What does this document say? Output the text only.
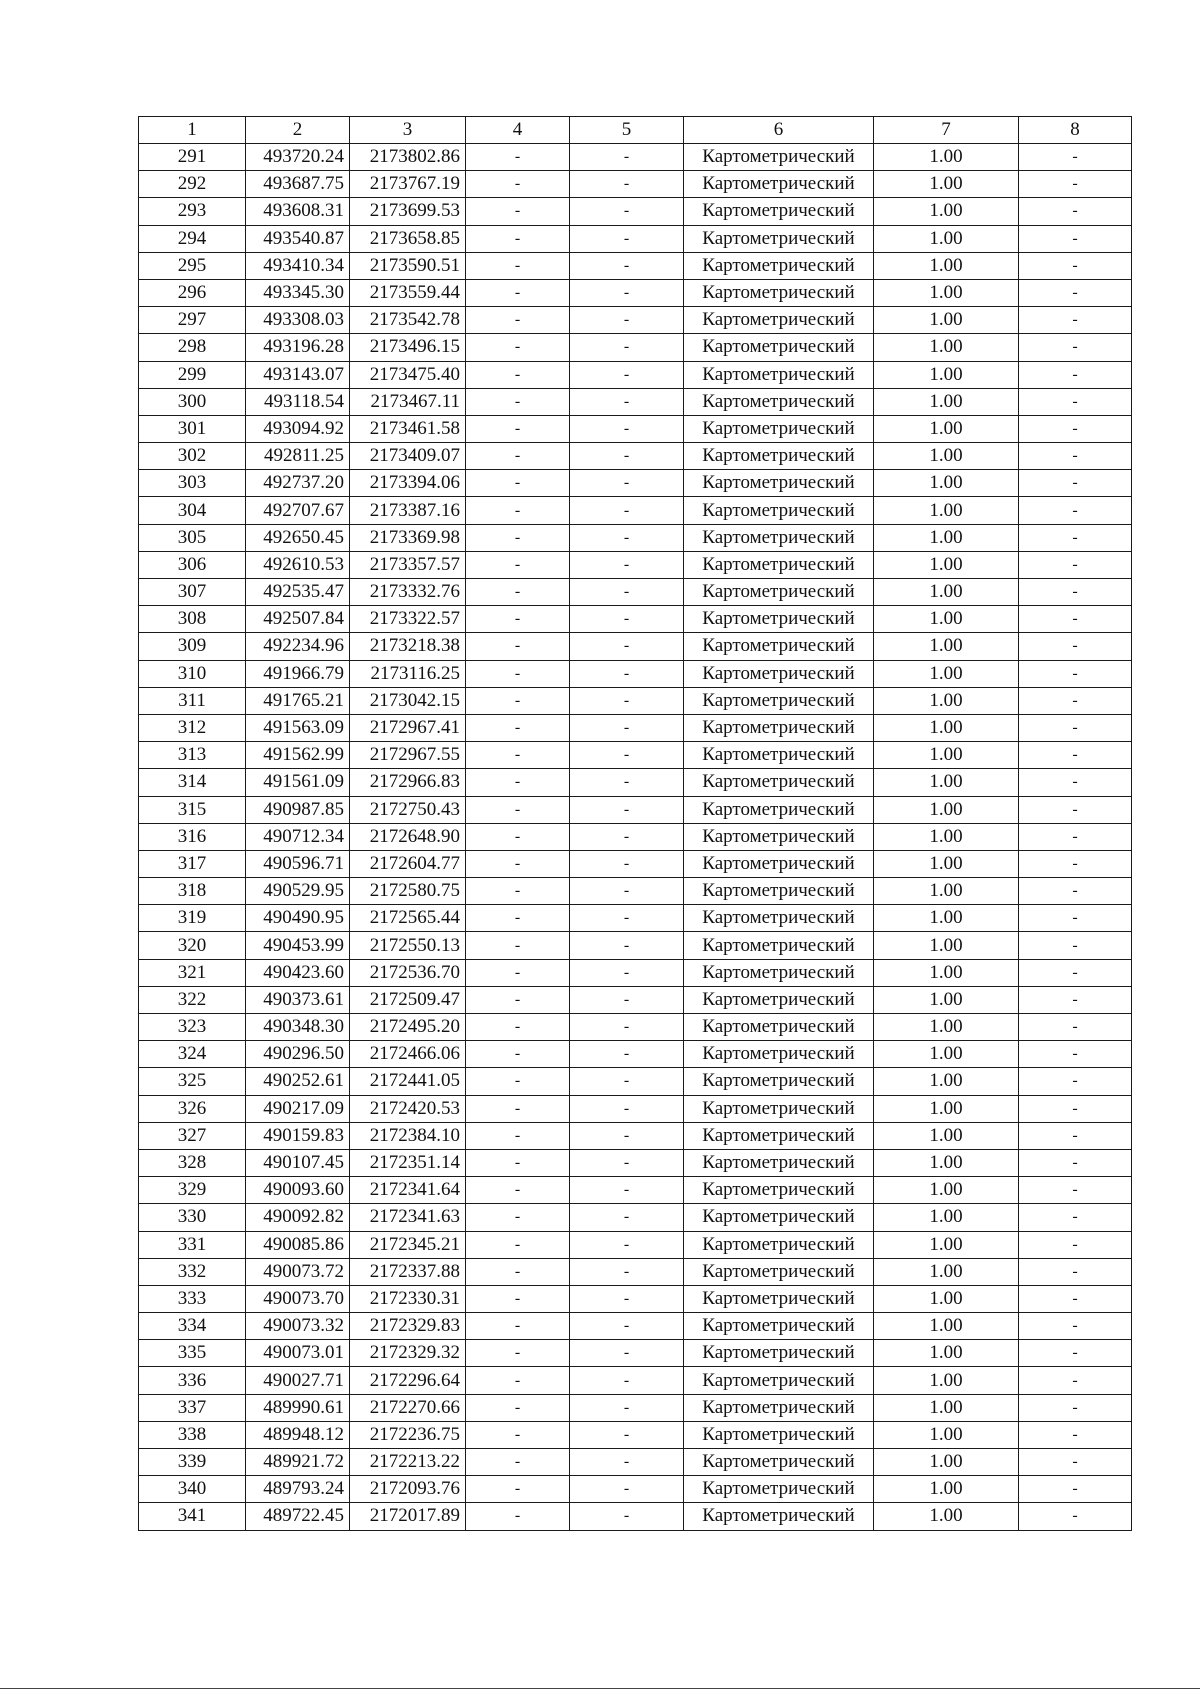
1	2	3	4	5	6	7	8
291	493720.24	2173802.86	-	-	Картометрический	1.00	-
292	493687.75	2173767.19	-	-	Картометрический	1.00	-
293	493608.31	2173699.53	-	-	Картометрический	1.00	-
294	493540.87	2173658.85	-	-	Картометрический	1.00	-
295	493410.34	2173590.51	-	-	Картометрический	1.00	-
296	493345.30	2173559.44	-	-	Картометрический	1.00	-
297	493308.03	2173542.78	-	-	Картометрический	1.00	-
298	493196.28	2173496.15	-	-	Картометрический	1.00	-
299	493143.07	2173475.40	-	-	Картометрический	1.00	-
300	493118.54	2173467.11	-	-	Картометрический	1.00	-
301	493094.92	2173461.58	-	-	Картометрический	1.00	-
302	492811.25	2173409.07	-	-	Картометрический	1.00	-
303	492737.20	2173394.06	-	-	Картометрический	1.00	-
304	492707.67	2173387.16	-	-	Картометрический	1.00	-
305	492650.45	2173369.98	-	-	Картометрический	1.00	-
306	492610.53	2173357.57	-	-	Картометрический	1.00	-
307	492535.47	2173332.76	-	-	Картометрический	1.00	-
308	492507.84	2173322.57	-	-	Картометрический	1.00	-
309	492234.96	2173218.38	-	-	Картометрический	1.00	-
310	491966.79	2173116.25	-	-	Картометрический	1.00	-
311	491765.21	2173042.15	-	-	Картометрический	1.00	-
312	491563.09	2172967.41	-	-	Картометрический	1.00	-
313	491562.99	2172967.55	-	-	Картометрический	1.00	-
314	491561.09	2172966.83	-	-	Картометрический	1.00	-
315	490987.85	2172750.43	-	-	Картометрический	1.00	-
316	490712.34	2172648.90	-	-	Картометрический	1.00	-
317	490596.71	2172604.77	-	-	Картометрический	1.00	-
318	490529.95	2172580.75	-	-	Картометрический	1.00	-
319	490490.95	2172565.44	-	-	Картометрический	1.00	-
320	490453.99	2172550.13	-	-	Картометрический	1.00	-
321	490423.60	2172536.70	-	-	Картометрический	1.00	-
322	490373.61	2172509.47	-	-	Картометрический	1.00	-
323	490348.30	2172495.20	-	-	Картометрический	1.00	-
324	490296.50	2172466.06	-	-	Картометрический	1.00	-
325	490252.61	2172441.05	-	-	Картометрический	1.00	-
326	490217.09	2172420.53	-	-	Картометрический	1.00	-
327	490159.83	2172384.10	-	-	Картометрический	1.00	-
328	490107.45	2172351.14	-	-	Картометрический	1.00	-
329	490093.60	2172341.64	-	-	Картометрический	1.00	-
330	490092.82	2172341.63	-	-	Картометрический	1.00	-
331	490085.86	2172345.21	-	-	Картометрический	1.00	-
332	490073.72	2172337.88	-	-	Картометрический	1.00	-
333	490073.70	2172330.31	-	-	Картометрический	1.00	-
334	490073.32	2172329.83	-	-	Картометрический	1.00	-
335	490073.01	2172329.32	-	-	Картометрический	1.00	-
336	490027.71	2172296.64	-	-	Картометрический	1.00	-
337	489990.61	2172270.66	-	-	Картометрический	1.00	-
338	489948.12	2172236.75	-	-	Картометрический	1.00	-
339	489921.72	2172213.22	-	-	Картометрический	1.00	-
340	489793.24	2172093.76	-	-	Картометрический	1.00	-
341	489722.45	2172017.89	-	-	Картометрический	1.00	-
